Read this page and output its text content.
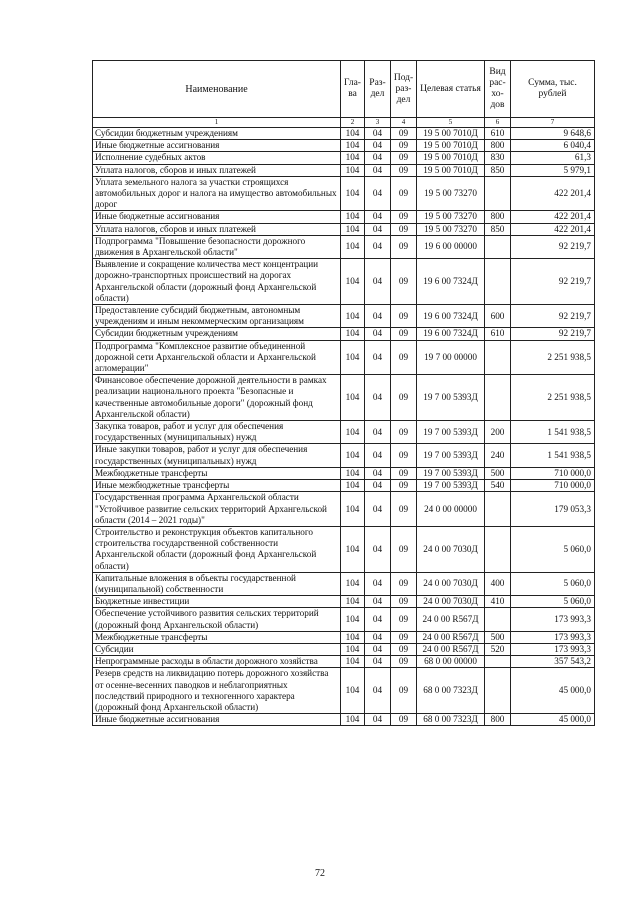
Наименование	Гла-ва	Раз-дел	Под-раз-дел	Целевая статья	Вид рас-хо-дов	Сумма, тыс. рублей
1	2	3	4	5	6	7
Субсидии бюджетным учреждениям	104	04	09	19 5 00 7010Д	610	9 648,6
Иные бюджетные ассигнования	104	04	09	19 5 00 7010Д	800	6 040,4
Исполнение судебных актов	104	04	09	19 5 00 7010Д	830	61,3
Уплата налогов, сборов и иных платежей	104	04	09	19 5 00 7010Д	850	5 979,1
Уплата земельного налога за участки строящихся автомобильных дорог и налога на имущество автомобильных дорог	104	04	09	19 5 00 73270		422 201,4
Иные бюджетные ассигнования	104	04	09	19 5 00 73270	800	422 201,4
Уплата налогов, сборов и иных платежей	104	04	09	19 5 00 73270	850	422 201,4
Подпрограмма "Повышение безопасности дорожного движения в Архангельской области"	104	04	09	19 6 00 00000		92 219,7
Выявление и сокращение количества мест концентрации дорожно-транспортных происшествий на дорогах Архангельской области (дорожный фонд Архангельской области)	104	04	09	19 6 00 7324Д		92 219,7
Предоставление субсидий бюджетным, автономным учреждениям и иным некоммерческим организациям	104	04	09	19 6 00 7324Д	600	92 219,7
Субсидии бюджетным учреждениям	104	04	09	19 6 00 7324Д	610	92 219,7
Подпрограмма "Комплексное развитие объединенной дорожной сети Архангельской области и Архангельской агломерации"	104	04	09	19 7 00 00000		2 251 938,5
Финансовое обеспечение дорожной деятельности в рамках реализации национального проекта "Безопасные и качественные автомобильные дороги" (дорожный фонд Архангельской области)	104	04	09	19 7 00 5393Д		2 251 938,5
Закупка товаров, работ и услуг для обеспечения государственных (муниципальных) нужд	104	04	09	19 7 00 5393Д	200	1 541 938,5
Иные закупки товаров, работ и услуг для обеспечения государственных (муниципальных) нужд	104	04	09	19 7 00 5393Д	240	1 541 938,5
Межбюджетные трансферты	104	04	09	19 7 00 5393Д	500	710 000,0
Иные межбюджетные трансферты	104	04	09	19 7 00 5393Д	540	710 000,0
Государственная программа Архангельской области "Устойчивое развитие сельских территорий Архангельской области (2014 – 2021 годы)"	104	04	09	24 0 00 00000		179 053,3
Строительство и реконструкция объектов капитального строительства государственной собственности Архангельской области (дорожный фонд Архангельской области)	104	04	09	24 0 00 7030Д		5 060,0
Капитальные вложения в объекты государственной (муниципальной) собственности	104	04	09	24 0 00 7030Д	400	5 060,0
Бюджетные инвестиции	104	04	09	24 0 00 7030Д	410	5 060,0
Обеспечение устойчивого развития сельских территорий (дорожный фонд Архангельской области)	104	04	09	24 0 00 R567Д		173 993,3
Межбюджетные трансферты	104	04	09	24 0 00 R567Д	500	173 993,3
Субсидии	104	04	09	24 0 00 R567Д	520	173 993,3
Непрограммные расходы в области дорожного хозяйства	104	04	09	68 0 00 00000		357 543,2
Резерв средств на ликвидацию потерь дорожного хозяйства от осенне-весенних паводков и неблагоприятных последствий природного и техногенного характера (дорожный фонд Архангельской области)	104	04	09	68 0 00 7323Д		45 000,0
Иные бюджетные ассигнования	104	04	09	68 0 00 7323Д	800	45 000,0
72
